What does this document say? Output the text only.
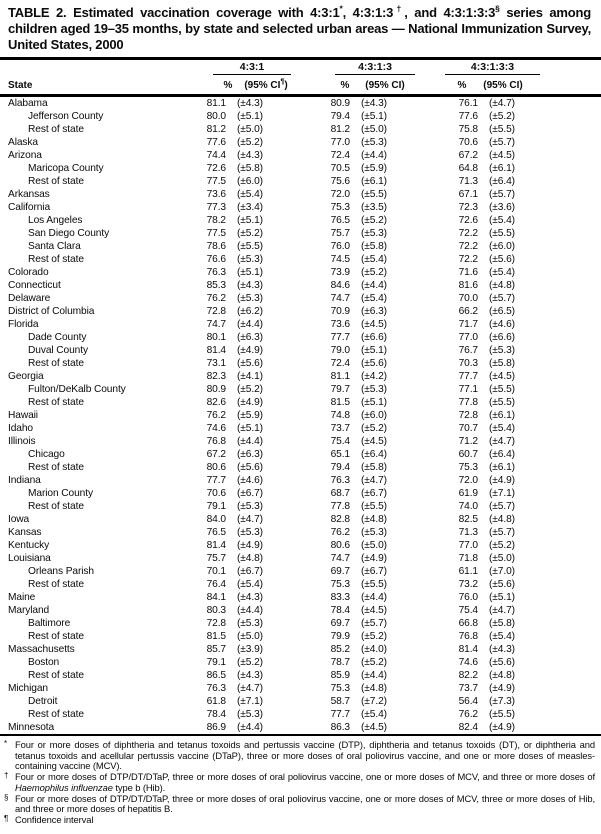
TABLE 2. Estimated vaccination coverage with 4:3:1*, 4:3:1:3†, and 4:3:1:3:3§ series among children aged 19–35 months, by state and selected urban areas — National Immunization Survey, United States, 2000
4:3:1	4:3:1:3	4:3:1:3:3
State	%	(95% CI¶)	%	(95% CI)	%	(95% CI)
Alabama	81.1	(±4.3)	80.9	(±4.3)	76.1	(±4.7)
Jefferson County	80.0	(±5.1)	79.4	(±5.1)	77.6	(±5.2)
Rest of state	81.2	(±5.0)	81.2	(±5.0)	75.8	(±5.5)
Alaska	77.6	(±5.2)	77.0	(±5.3)	70.6	(±5.7)
Arizona	74.4	(±4.3)	72.4	(±4.4)	67.2	(±4.5)
Maricopa County	72.6	(±5.8)	70.5	(±5.9)	64.8	(±6.1)
Rest of state	77.5	(±6.0)	75.6	(±6.1)	71.3	(±6.4)
Arkansas	73.6	(±5.4)	72.0	(±5.5)	67.1	(±5.7)
California	77.3	(±3.4)	75.3	(±3.5)	72.3	(±3.6)
Los Angeles	78.2	(±5.1)	76.5	(±5.2)	72.6	(±5.4)
San Diego County	77.5	(±5.2)	75.7	(±5.3)	72.2	(±5.5)
Santa Clara	78.6	(±5.5)	76.0	(±5.8)	72.2	(±6.0)
Rest of state	76.6	(±5.3)	74.5	(±5.4)	72.2	(±5.6)
Colorado	76.3	(±5.1)	73.9	(±5.2)	71.6	(±5.4)
Connecticut	85.3	(±4.3)	84.6	(±4.4)	81.6	(±4.8)
Delaware	76.2	(±5.3)	74.7	(±5.4)	70.0	(±5.7)
District of Columbia	72.8	(±6.2)	70.9	(±6.3)	66.2	(±6.5)
Florida	74.7	(±4.4)	73.6	(±4.5)	71.7	(±4.6)
Dade County	80.1	(±6.3)	77.7	(±6.6)	77.0	(±6.6)
Duval County	81.4	(±4.9)	79.0	(±5.1)	76.7	(±5.3)
Rest of state	73.1	(±5.6)	72.4	(±5.6)	70.3	(±5.8)
Georgia	82.3	(±4.1)	81.1	(±4.2)	77.7	(±4.5)
Fulton/DeKalb County	80.9	(±5.2)	79.7	(±5.3)	77.1	(±5.5)
Rest of state	82.6	(±4.9)	81.5	(±5.1)	77.8	(±5.5)
Hawaii	76.2	(±5.9)	74.8	(±6.0)	72.8	(±6.1)
Idaho	74.6	(±5.1)	73.7	(±5.2)	70.7	(±5.4)
Illinois	76.8	(±4.4)	75.4	(±4.5)	71.2	(±4.7)
Chicago	67.2	(±6.3)	65.1	(±6.4)	60.7	(±6.4)
Rest of state	80.6	(±5.6)	79.4	(±5.8)	75.3	(±6.1)
Indiana	77.7	(±4.6)	76.3	(±4.7)	72.0	(±4.9)
Marion County	70.6	(±6.7)	68.7	(±6.7)	61.9	(±7.1)
Rest of state	79.1	(±5.3)	77.8	(±5.5)	74.0	(±5.7)
Iowa	84.0	(±4.7)	82.8	(±4.8)	82.5	(±4.8)
Kansas	76.5	(±5.3)	76.2	(±5.3)	71.3	(±5.7)
Kentucky	81.4	(±4.9)	80.6	(±5.0)	77.0	(±5.2)
Louisiana	75.7	(±4.8)	74.7	(±4.9)	71.8	(±5.0)
Orleans Parish	70.1	(±6.7)	69.7	(±6.7)	61.1	(±7.0)
Rest of state	76.4	(±5.4)	75.3	(±5.5)	73.2	(±5.6)
Maine	84.1	(±4.3)	83.3	(±4.4)	76.0	(±5.1)
Maryland	80.3	(±4.4)	78.4	(±4.5)	75.4	(±4.7)
Baltimore	72.8	(±5.3)	69.7	(±5.7)	66.8	(±5.8)
Rest of state	81.5	(±5.0)	79.9	(±5.2)	76.8	(±5.4)
Massachusetts	85.7	(±3.9)	85.2	(±4.0)	81.4	(±4.3)
Boston	79.1	(±5.2)	78.7	(±5.2)	74.6	(±5.6)
Rest of state	86.5	(±4.3)	85.9	(±4.4)	82.2	(±4.8)
Michigan	76.3	(±4.7)	75.3	(±4.8)	73.7	(±4.9)
Detroit	61.8	(±7.1)	58.7	(±7.2)	56.4	(±7.3)
Rest of state	78.4	(±5.3)	77.7	(±5.4)	76.2	(±5.5)
Minnesota	86.9	(±4.4)	86.3	(±4.5)	82.4	(±4.9)
* Four or more doses of diphtheria and tetanus toxoids and pertussis vaccine (DTP), diphtheria and tetanus toxoids (DT), or diphtheria and tetanus toxoids and acellular pertussis vaccine (DTaP), three or more doses of oral poliovirus vaccine, and one or more doses of measles-containing vaccine (MCV).
† Four or more doses of DTP/DT/DTaP, three or more doses of oral poliovirus vaccine, one or more doses of MCV, and three or more doses of Haemophilus influenzae type b (Hib).
§ Four or more doses of DTP/DT/DTaP, three or more doses of oral poliovirus vaccine, one or more doses of MCV, three or more doses of Hib, and three or more doses of hepatitis B.
¶ Confidence interval
